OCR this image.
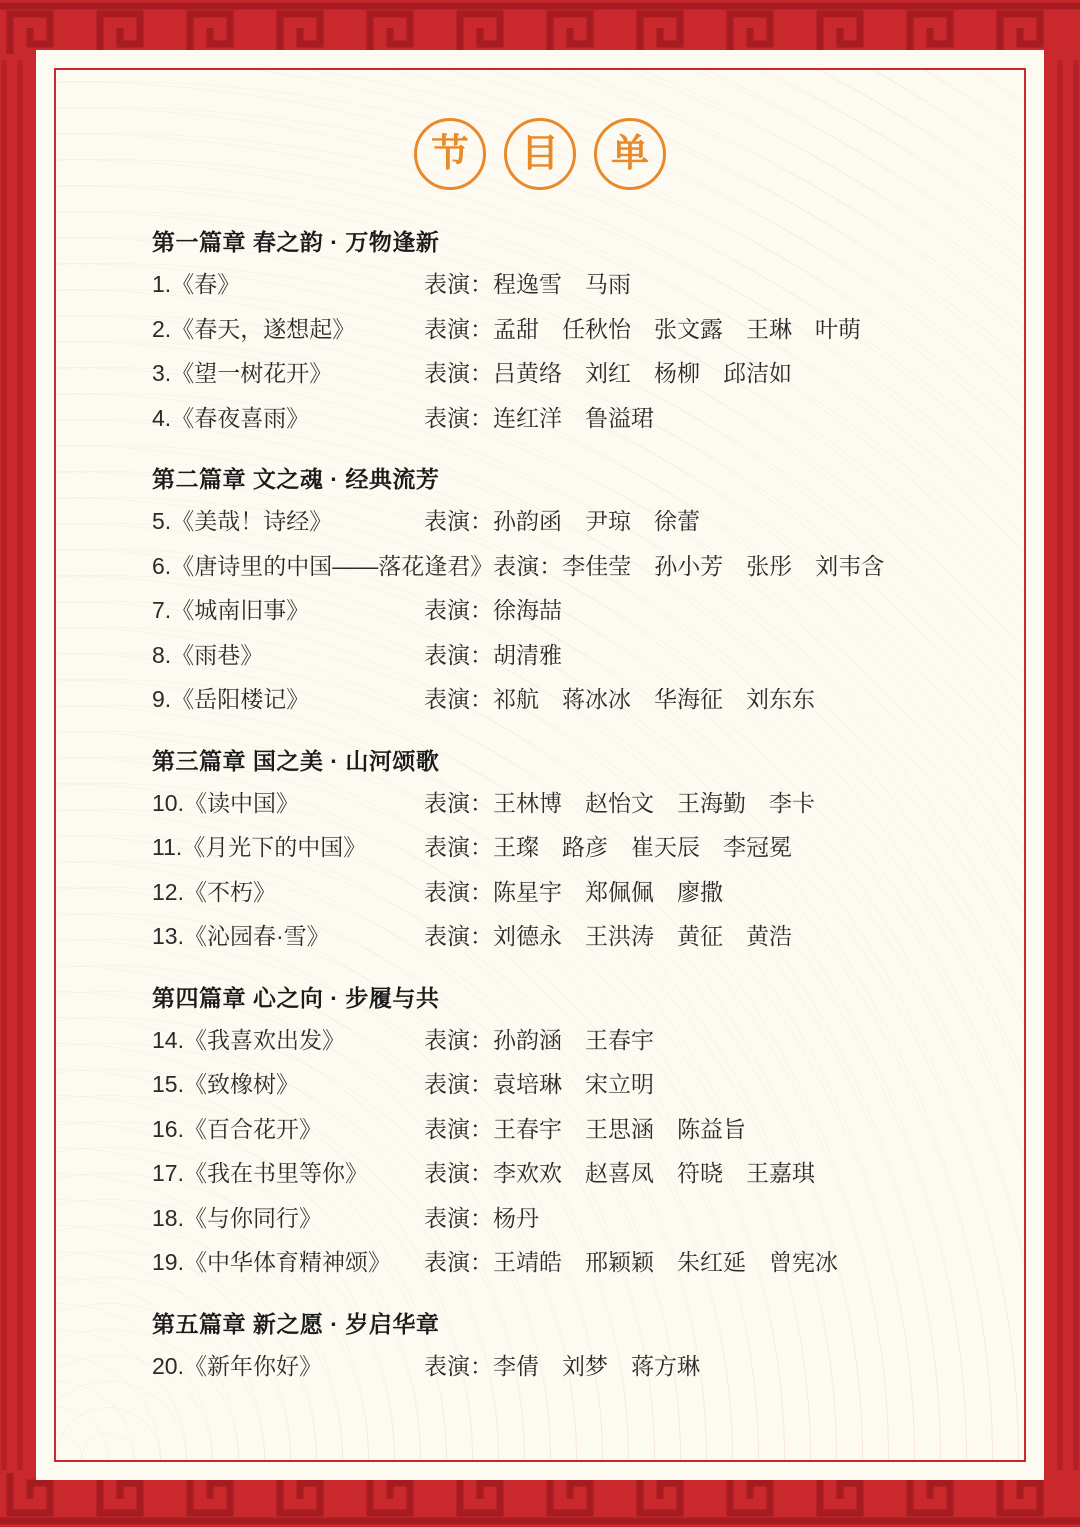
节	目	单
第一篇章 春之韵 · 万物逢新
1.《春》	表演： 程逸雪　马雨
2.《春天，遂想起》	表演： 孟甜　任秋怡　张文露　王琳　叶萌
3.《望一树花开》	表演： 吕黄络　刘红　杨柳　邱洁如
4.《春夜喜雨》	表演： 连红洋　鲁溢珺
第二篇章 文之魂 · 经典流芳
5.《美哉！诗经》	表演： 孙韵函　尹琼　徐蕾
6.《唐诗里的中国——落花逢君》 表演： 李佳莹　孙小芳　张彤　刘韦含
7.《城南旧事》	表演： 徐海喆
8.《雨巷》	表演： 胡清雅
9.《岳阳楼记》	表演： 祁航　蒋冰冰　华海征　刘东东
第三篇章 国之美 · 山河颂歌
10.《读中国》	表演： 王林博　赵怡文　王海勤　李卡
11.《月光下的中国》	表演： 王璨　路彦　崔天辰　李冠冕
12.《不朽》	表演： 陈星宇　郑佩佩　廖撒
13.《沁园春·雪》	表演： 刘德永　王洪涛　黄征　黄浩
第四篇章 心之向 · 步履与共
14.《我喜欢出发》	表演： 孙韵涵　王春宇
15.《致橡树》	表演： 袁培琳　宋立明
16.《百合花开》	表演： 王春宇　王思涵　陈益旨
17.《我在书里等你》	表演： 李欢欢　赵喜凤　符晓　王嘉琪
18.《与你同行》	表演： 杨丹
19.《中华体育精神颂》	表演： 王靖皓　邢颖颖　朱红延　曾宪冰
第五篇章 新之愿 · 岁启华章
20.《新年你好》	表演： 李倩　刘梦　蒋方琳
